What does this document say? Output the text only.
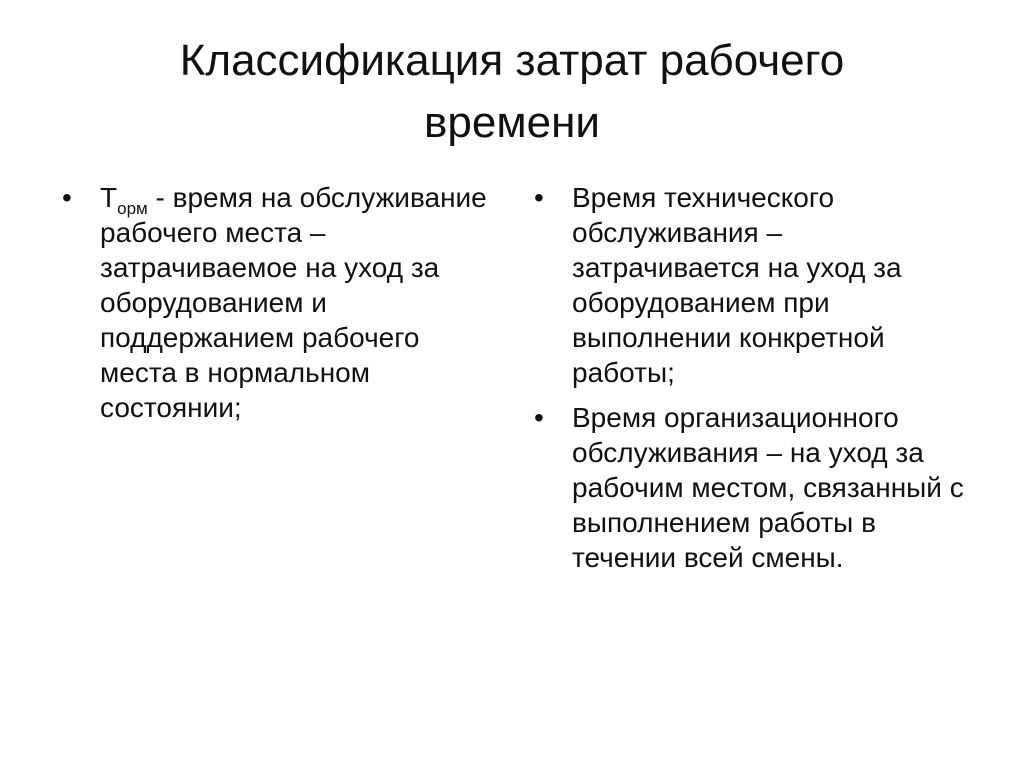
Классификация затрат рабочего
времени
• $Т_{орм}$ - время на обслуживание рабочего места – затрачиваемое на уход за оборудованием и поддержанием рабочего места в нормальном состоянии;
• Время технического обслуживания – затрачивается на уход за оборудованием при выполнении конкретной работы;
• Время организационного обслуживания – на уход за рабочим местом, связанный с выполнением работы в течении всей смены.
